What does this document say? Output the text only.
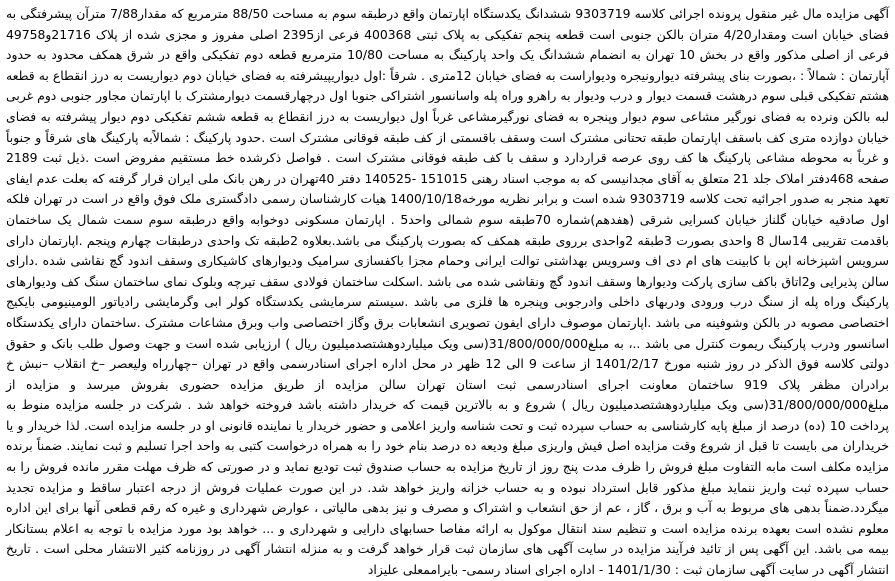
آگهی مزایده مال غیر منقول پرونده اجرائی کلاسه 9303719 ششدانگ یکدستگاه اپارتمان واقع درطبقه سوم به مساحت 88/50 مترمربع که مقدار7/88 مترآن پیشرفتگی به فضای خیابان است ومقدار4/20 متران بالکن جنوبی است قطعه پنجم تفکیکی به پلاک ثبتی 400368 فرعی از2395 اصلی مفروز و مجزی شده از پلاک 21716و49758 فرعی از اصلی مذکور واقع در بخش 10 تهران به انضمام ششدانگ یک واحد پارکینگ به مساحت 10/80 مترمربع قطعه دوم تفکیکی واقع در شرق همکف محدود به حدود آپارتمان : شمالاً : ،بصورت بنای پیشرفته دیوارونیجره ودیواراست به فضای خیابان 12متری . شرقاً :اول دیواریپیشرفته به فضای خیابان دوم دیواریست به درز انقطاع به قطعه هشتم تفکیکی قبلی سوم درهشت قسمت دیوار و درب ودیوار به راهرو وراه پله واسانسور اشتراکی جنوبا اول درچهارقسمت دیوارمشترک با اپارتمان مجاور جنوبی دوم غربی لبه بالکن ونرده به فضای نورگیر مشاعی سوم دیوار وپنجره به فضای نورگیرمشاعی غرباً اول دیواریست به درز انقطاع به قطعه ششم تفکیکی دوم دیوار پیشرفته به فضای خیابان دوازده متری کف باسقف اپارتمان طبقه تحتانی مشترک است وسقف باقسمتی از کف طبقه فوقانی مشترک است .حدود پارکینگ : شمالاًبه پارکینگ های شرقاً و جنوباً و غرباً به محوطه مشاعی پارکینگ ها کف روی عرصه قراردارد و سقف با کف طبقه فوقانی مشترک است . فواصل ذکرشده خط مستقیم مفروض است .ذیل ثبت 2189 صفحه 468دفتر املاک جلد 21 متعلق به آقای مجدانیسی که به موجب اسناد رهنی 151015 -140525 دفتر 40تهران در رهن بانک ملی ایران قرار گرفته که بعلت عدم ایفای تعهد منجر به صدور اجرائیه تحت کلاسه 9303719 شده است و برابر نظریه مورخه1400/10/18 هیات کارشناسان رسمی دادگستری ملک فوق واقع در است در تهران فلکه اول صادقیه خیابان گلناز خیابان کسرایی شرقی (هفدهم)شماره 70طبقه سوم شمالی واحد5 . اپارتمان مسکونی دوخوابه واقع درطبقه سوم سمت شمال یک ساختمان باقدمت تقریبی 14سال 8 واحدی بصورت 3طبقه 2واحدی برروی طبقه همکف که بصورت پارکینگ می باشد.بعلاوه 2طبقه تک واحدی درطبقات چهارم وپنجم .اپارتمان دارای سرویس اشپزخانه اپن با کابینت های ام دی اف وسرویس بهداشتی توالت ایرانی وحمام مجزا باکفسازی سرامیک ودیوارهای کاشیکاری وسقف اندود گچ نقاشی شده .دارای سالن پذیرایی و2اتاق باکف سازی پارکت ودیوارها وسقف اندود گچ ونقاشی شده می باشد .اسکلت ساختمان فولادی سقف تیرچه وبلوک نمای ساختمان سنگ کف ودیوارهای پارکینگ وراه پله از سنگ درب ورودی ودربهای داخلی وادرجوبی وپنجره ها فلزی می باشد .سیستم سرمایشی یکدستگاه کولر ابی وگرمایشی رادیاتور الومینیومی بایکیج اختصاصی مصوبه در بالکن وشوفینه می باشد .اپارتمان موصوف دارای ایفون تصویری انشعابات برق وگاز اختصاصی واب وبرق مشاعات مشترک .ساختمان دارای یکدستگاه اسانسور ودرب پارکینگ ریموت کنترل می باشد ..، به مبلغ31/800/000/000(سی ویک میلیاردوهشتصدمیلیون ریال ) ارزیابی شده است و جهت وصول طلب بانک و حقوق دولتی کلاسه فوق الذکر در روز شنبه مورخ 1401/2/17 از ساعت 9 الی 12 ظهر در محل اداره اجرای اسنادرسمی واقع در تهران –چهارراه ولیعصر –خ انقلاب –نبش خ برادران مظفر پلاک 919 ساختمان معاونت اجرای اسنادرسمی ثبت استان تهران سالن مزایده از طریق مزایده حضوری بفروش میرسد و مزایده از مبلغ31/800/000/000(سی ویک میلیاردوهشتصدمیلیون ریال ) شروع و به بالاترین قیمت که خریدار داشته باشد فروخته خواهد شد . شرکت در جلسه مزایده منوط به پرداخت 10 (ده) درصد از مبلغ پایه کارشناسی به حساب سپرده ثبت و تحت شناسه واریز اعلامی و حضور خریدار یا نماینده قانونی او در جلسه مزایده است. لذا خریدار و یا خریداران می بایست تا قبل از شروع وقت مزایده اصل فیش واریزی مبلغ ودیعه ده درصد بنام خود را به همراه درخواست کتبی به واحد اجرا تسلیم و ثبت نمایند. ضمناً برنده مزایده مکلف است مابه التفاوت مبلغ فروش را ظرف مدت پنج روز از تاریخ مزایده به حساب صندوق ثبت تودیع نماید و در صورتی که ظرف مهلت مقرر مانده فروش را به حساب سپرده ثبت واریز ننماید مبلغ مذکور قابل استرداد نبوده و به حساب خزانه واریز خواهد شد. در این صورت عملیات فروش از درجه اعتبار ساقط و مزایده تجدید میگردد.ضمناً بدهی های مربوط به آب و برق ، گاز ، عم از حق انشعاب و اشتراک و مصرف و نیز بدهی مالیاتی ، عوارض شهرداری و غیره که رقم قطعی آنها برای این اداره معلوم نشده است بعهده برنده مزایده است و تنظیم سند انتقال موکول به ارائه مفاصا حسابهای دارایی و شهرداری و ... خواهد بود مورد مزایده با توجه به اعلام بستانکار بیمه می باشد. این آگهی پس از تائید فرآیند مزایده در سایت آگهی های سازمان ثبت قرار خواهد گرفت و به منزله انتشار آگهی در روزنامه کثیر الانتشار محلی است . تاریخ انتشار آگهی در سایت آگهی سازمان ثبت : 1401/1/30 - اداره اجرای اسناد رسمی- بایراممعلی علیزاد
